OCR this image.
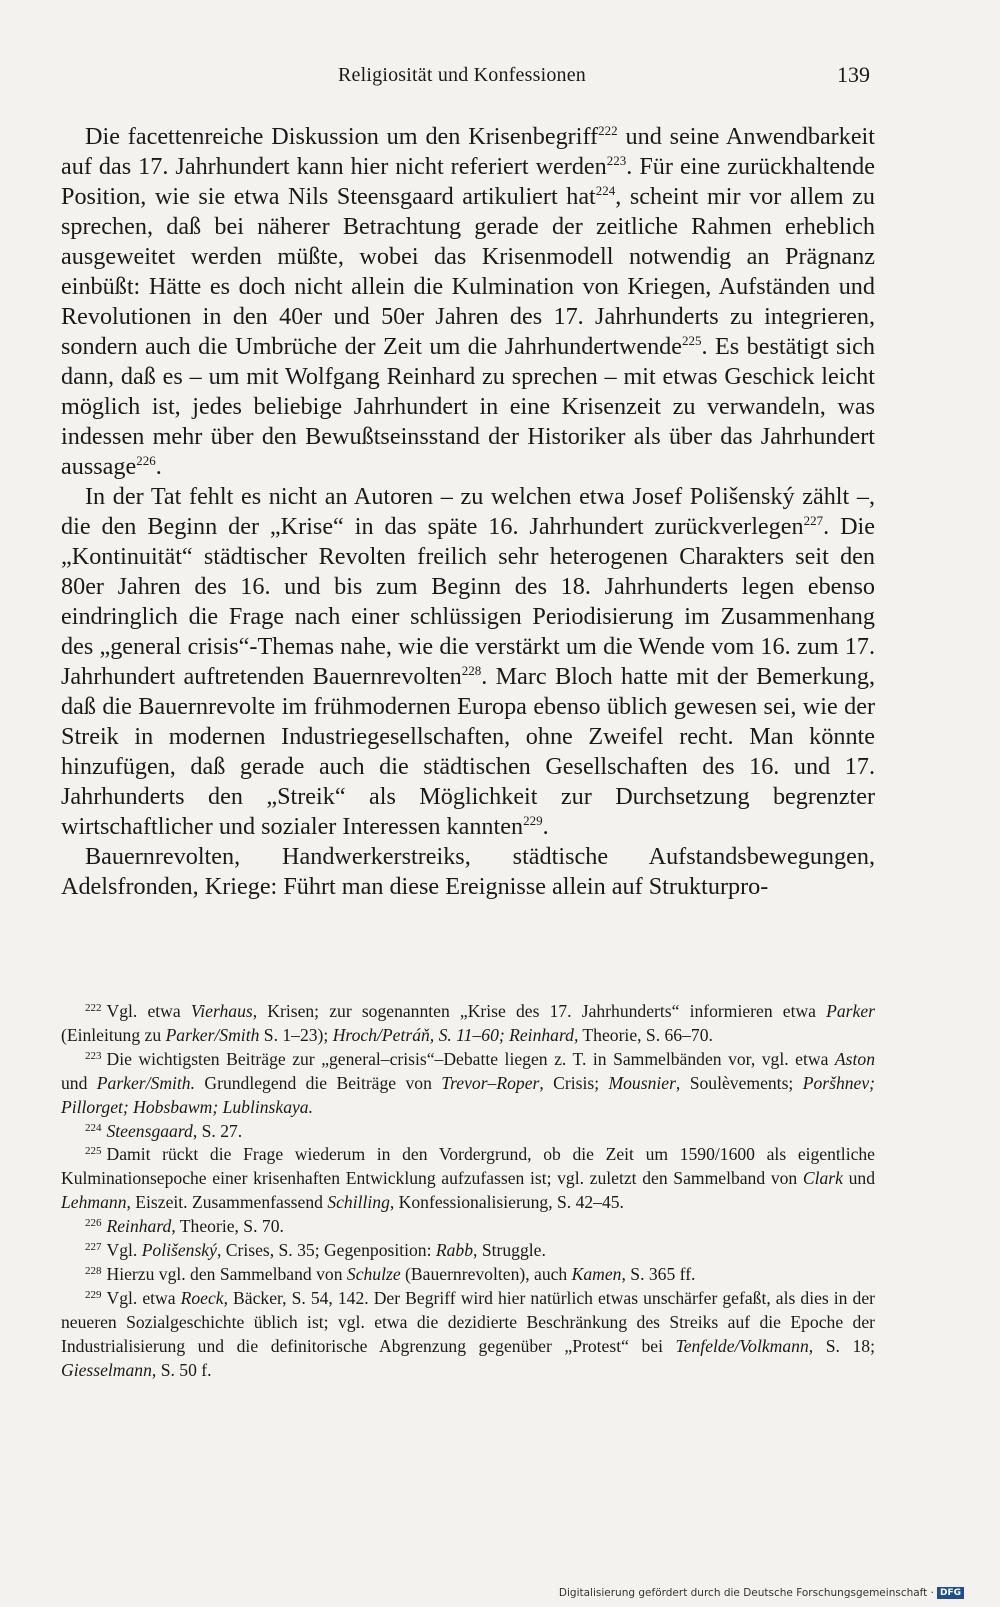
Religiosität und Konfessionen	139

Die facettenreiche Diskussion um den Krisenbegriff$^{222}$ und seine Anwendbarkeit auf das 17. Jahrhundert kann hier nicht referiert werden$^{223}$. Für eine zurückhaltende Position, wie sie etwa Nils Steensgaard artikuliert hat$^{224}$, scheint mir vor allem zu sprechen, daß bei näherer Betrachtung gerade der zeitliche Rahmen erheblich ausgeweitet werden müßte, wobei das Krisenmodell notwendig an Prägnanz einbüßt: Hätte es doch nicht allein die Kulmination von Kriegen, Aufständen und Revolutionen in den 40er und 50er Jahren des 17. Jahrhunderts zu integrieren, sondern auch die Umbrüche der Zeit um die Jahrhundertwende$^{225}$. Es bestätigt sich dann, daß es – um mit Wolfgang Reinhard zu sprechen – mit etwas Geschick leicht möglich ist, jedes beliebige Jahrhundert in eine Krisenzeit zu verwandeln, was indessen mehr über den Bewußtseinsstand der Historiker als über das Jahrhundert aussage$^{226}$.

In der Tat fehlt es nicht an Autoren – zu welchen etwa Josef Polišenský zählt –, die den Beginn der „Krise“ in das späte 16. Jahrhundert zurückverlegen$^{227}$. Die „Kontinuität“ städtischer Revolten freilich sehr heterogenen Charakters seit den 80er Jahren des 16. und bis zum Beginn des 18. Jahrhunderts legen ebenso eindringlich die Frage nach einer schlüssigen Periodisierung im Zusammenhang des „general crisis“-Themas nahe, wie die verstärkt um die Wende vom 16. zum 17. Jahrhundert auftretenden Bauernrevolten$^{228}$. Marc Bloch hatte mit der Bemerkung, daß die Bauernrevolte im frühmodernen Europa ebenso üblich gewesen sei, wie der Streik in modernen Industriegesellschaften, ohne Zweifel recht. Man könnte hinzufügen, daß gerade auch die städtischen Gesellschaften des 16. und 17. Jahrhunderts den „Streik“ als Möglichkeit zur Durchsetzung begrenzter wirtschaftlicher und sozialer Interessen kannten$^{229}$.

Bauernrevolten, Handwerkerstreiks, städtische Aufstandsbewegungen, Adelsfronden, Kriege: Führt man diese Ereignisse allein auf Strukturpro-

$^{222}$ Vgl. etwa Vierhaus, Krisen; zur sogenannten „Krise des 17. Jahrhunderts“ informieren etwa Parker (Einleitung zu Parker/Smith S. 1–23); Hroch/Petráň, S. 11–60; Reinhard, Theorie, S. 66–70.

$^{223}$ Die wichtigsten Beiträge zur „general–crisis“–Debatte liegen z. T. in Sammelbänden vor, vgl. etwa Aston und Parker/Smith. Grundlegend die Beiträge von Trevor–Roper, Crisis; Mousnier, Soulèvements; Poršhnev; Pillorget; Hobsbawm; Lublinskaya.

$^{224}$ Steensgaard, S. 27.

$^{225}$ Damit rückt die Frage wiederum in den Vordergrund, ob die Zeit um 1590/1600 als eigentliche Kulminationsepoche einer krisenhaften Entwicklung aufzufassen ist; vgl. zuletzt den Sammelband von Clark und Lehmann, Eiszeit. Zusammenfassend Schilling, Konfessionalisierung, S. 42–45.

$^{226}$ Reinhard, Theorie, S. 70.

$^{227}$ Vgl. Polišenský, Crises, S. 35; Gegenposition: Rabb, Struggle.

$^{228}$ Hierzu vgl. den Sammelband von Schulze (Bauernrevolten), auch Kamen, S. 365 ff.

$^{229}$ Vgl. etwa Roeck, Bäcker, S. 54, 142. Der Begriff wird hier natürlich etwas unschärfer gefaßt, als dies in der neueren Sozialgeschichte üblich ist; vgl. etwa die dezidierte Beschränkung des Streiks auf die Epoche der Industrialisierung und die definitorische Abgrenzung gegenüber „Protest“ bei Tenfelde/Volkmann, S. 18; Giesselmann, S. 50 f.

Digitalisierung gefördert durch die Deutsche Forschungsgemeinschaft · DFG
